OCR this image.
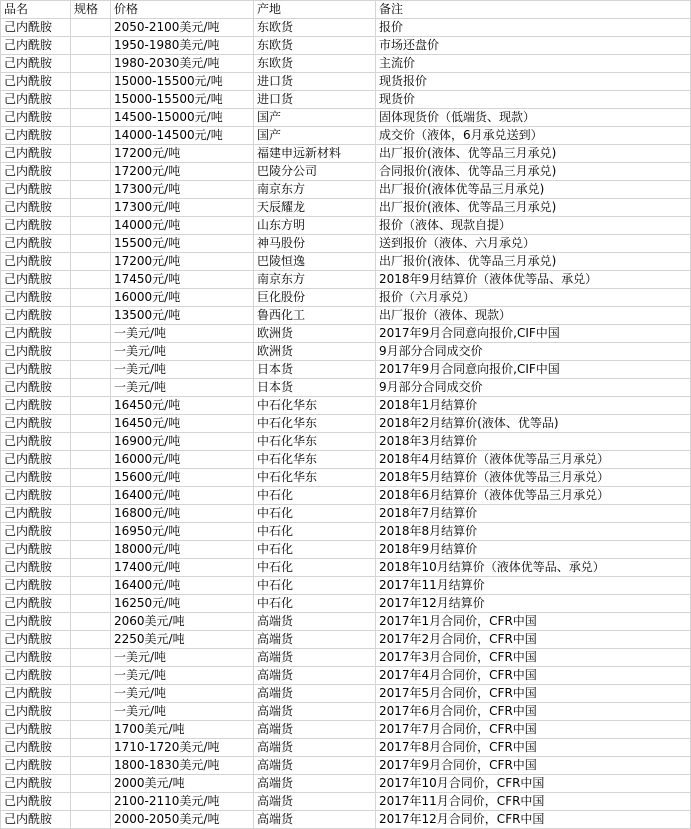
品名	规格	价格	产地	备注
己内酰胺		2050-2100美元/吨	东欧货	报价
己内酰胺		1950-1980美元/吨	东欧货	市场还盘价
己内酰胺		1980-2030美元/吨	东欧货	主流价
己内酰胺		15000-15500元/吨	进口货	现货报价
己内酰胺		15000-15500元/吨	进口货	现货价
己内酰胺		14500-15000元/吨	国产	固体现货价（低端货、现款）
己内酰胺		14000-14500元/吨	国产	成交价（液体，6月承兑送到）
己内酰胺		17200元/吨	福建申远新材料	出厂报价(液体、优等品三月承兑)
己内酰胺		17200元/吨	巴陵分公司	合同报价(液体、优等品三月承兑)
己内酰胺		17300元/吨	南京东方	出厂报价(液体优等品三月承兑)
己内酰胺		17300元/吨	天辰耀龙	出厂报价(液体、优等品三月承兑)
己内酰胺		14000元/吨	山东方明	报价（液体、现款自提）
己内酰胺		15500元/吨	神马股份	送到报价（液体、六月承兑）
己内酰胺		17200元/吨	巴陵恒逸	出厂报价(液体、优等品三月承兑)
己内酰胺		17450元/吨	南京东方	2018年9月结算价（液体优等品、承兑）
己内酰胺		16000元/吨	巨化股份	报价（六月承兑）
己内酰胺		13500元/吨	鲁西化工	出厂报价（液体、现款）
己内酰胺		一美元/吨	欧洲货	2017年9月合同意向报价,CIF中国
己内酰胺		一美元/吨	欧洲货	9月部分合同成交价
己内酰胺		一美元/吨	日本货	2017年9月合同意向报价,CIF中国
己内酰胺		一美元/吨	日本货	9月部分合同成交价
己内酰胺		16450元/吨	中石化华东	2018年1月结算价
己内酰胺		16450元/吨	中石化华东	2018年2月结算价(液体、优等品)
己内酰胺		16900元/吨	中石化华东	2018年3月结算价
己内酰胺		16000元/吨	中石化华东	2018年4月结算价（液体优等品三月承兑）
己内酰胺		15600元/吨	中石化华东	2018年5月结算价（液体优等品三月承兑）
己内酰胺		16400元/吨	中石化	2018年6月结算价（液体优等品三月承兑）
己内酰胺		16800元/吨	中石化	2018年7月结算价
己内酰胺		16950元/吨	中石化	2018年8月结算价
己内酰胺		18000元/吨	中石化	2018年9月结算价
己内酰胺		17400元/吨	中石化	2018年10月结算价（液体优等品、承兑）
己内酰胺		16400元/吨	中石化	2017年11月结算价
己内酰胺		16250元/吨	中石化	2017年12月结算价
己内酰胺		2060美元/吨	高端货	2017年1月合同价，CFR中国
己内酰胺		2250美元/吨	高端货	2017年2月合同价，CFR中国
己内酰胺		一美元/吨	高端货	2017年3月合同价，CFR中国
己内酰胺		一美元/吨	高端货	2017年4月合同价，CFR中国
己内酰胺		一美元/吨	高端货	2017年5月合同价，CFR中国
己内酰胺		一美元/吨	高端货	2017年6月合同价，CFR中国
己内酰胺		1700美元/吨	高端货	2017年7月合同价，CFR中国
己内酰胺		1710-1720美元/吨	高端货	2017年8月合同价，CFR中国
己内酰胺		1800-1830美元/吨	高端货	2017年9月合同价，CFR中国
己内酰胺		2000美元/吨	高端货	2017年10月合同价，CFR中国
己内酰胺		2100-2110美元/吨	高端货	2017年11月合同价，CFR中国
己内酰胺		2000-2050美元/吨	高端货	2017年12月合同价，CFR中国
